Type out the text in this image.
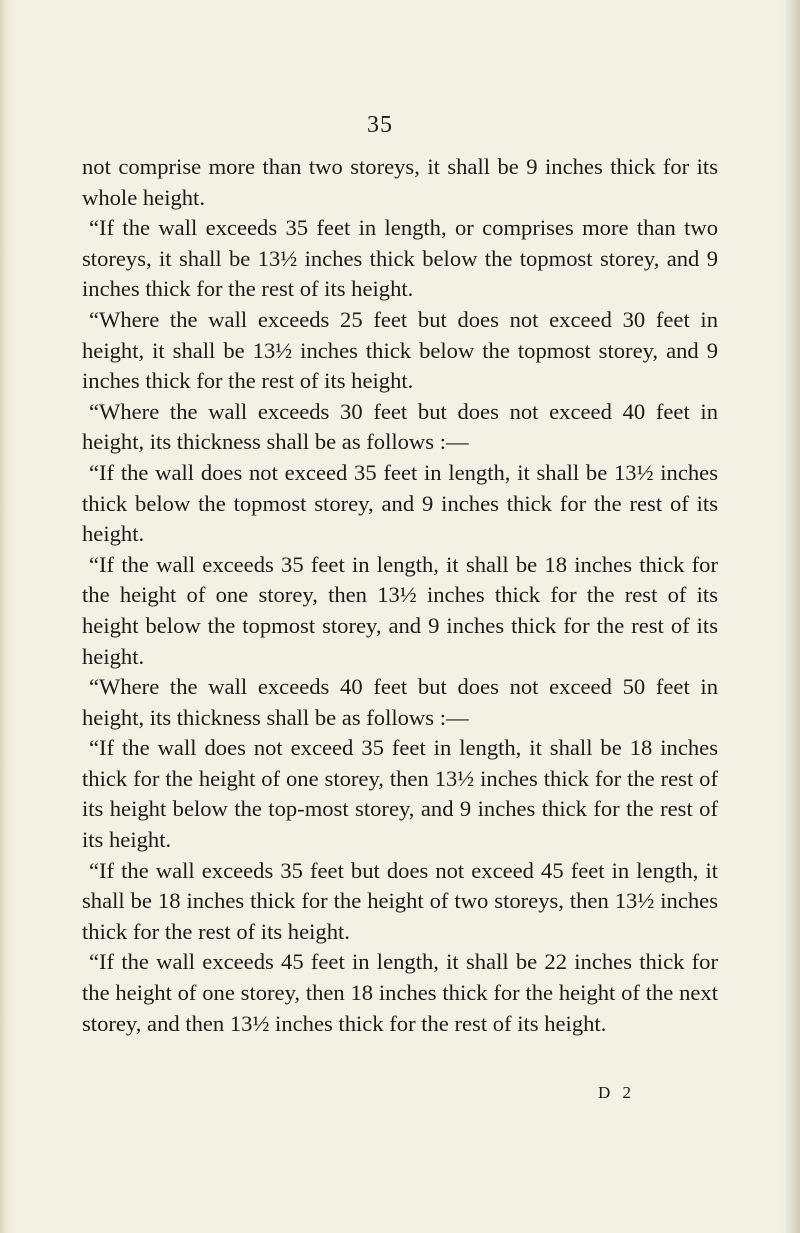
35

not comprise more than two storeys, it shall be 9 inches thick for its whole height.

“If the wall exceeds 35 feet in length, or comprises more than two storeys, it shall be 13½ inches thick below the topmost storey, and 9 inches thick for the rest of its height.

“Where the wall exceeds 25 feet but does not exceed 30 feet in height, it shall be 13½ inches thick below the topmost storey, and 9 inches thick for the rest of its height.

“Where the wall exceeds 30 feet but does not exceed 40 feet in height, its thickness shall be as follows :—

“If the wall does not exceed 35 feet in length, it shall be 13½ inches thick below the topmost storey, and 9 inches thick for the rest of its height.

“If the wall exceeds 35 feet in length, it shall be 18 inches thick for the height of one storey, then 13½ inches thick for the rest of its height below the topmost storey, and 9 inches thick for the rest of its height.

“Where the wall exceeds 40 feet but does not exceed 50 feet in height, its thickness shall be as follows :—

“If the wall does not exceed 35 feet in length, it shall be 18 inches thick for the height of one storey, then 13½ inches thick for the rest of its height below the top-most storey, and 9 inches thick for the rest of its height.

“If the wall exceeds 35 feet but does not exceed 45 feet in length, it shall be 18 inches thick for the height of two storeys, then 13½ inches thick for the rest of its height.

“If the wall exceeds 45 feet in length, it shall be 22 inches thick for the height of one storey, then 18 inches thick for the height of the next storey, and then 13½ inches thick for the rest of its height.

D 2
